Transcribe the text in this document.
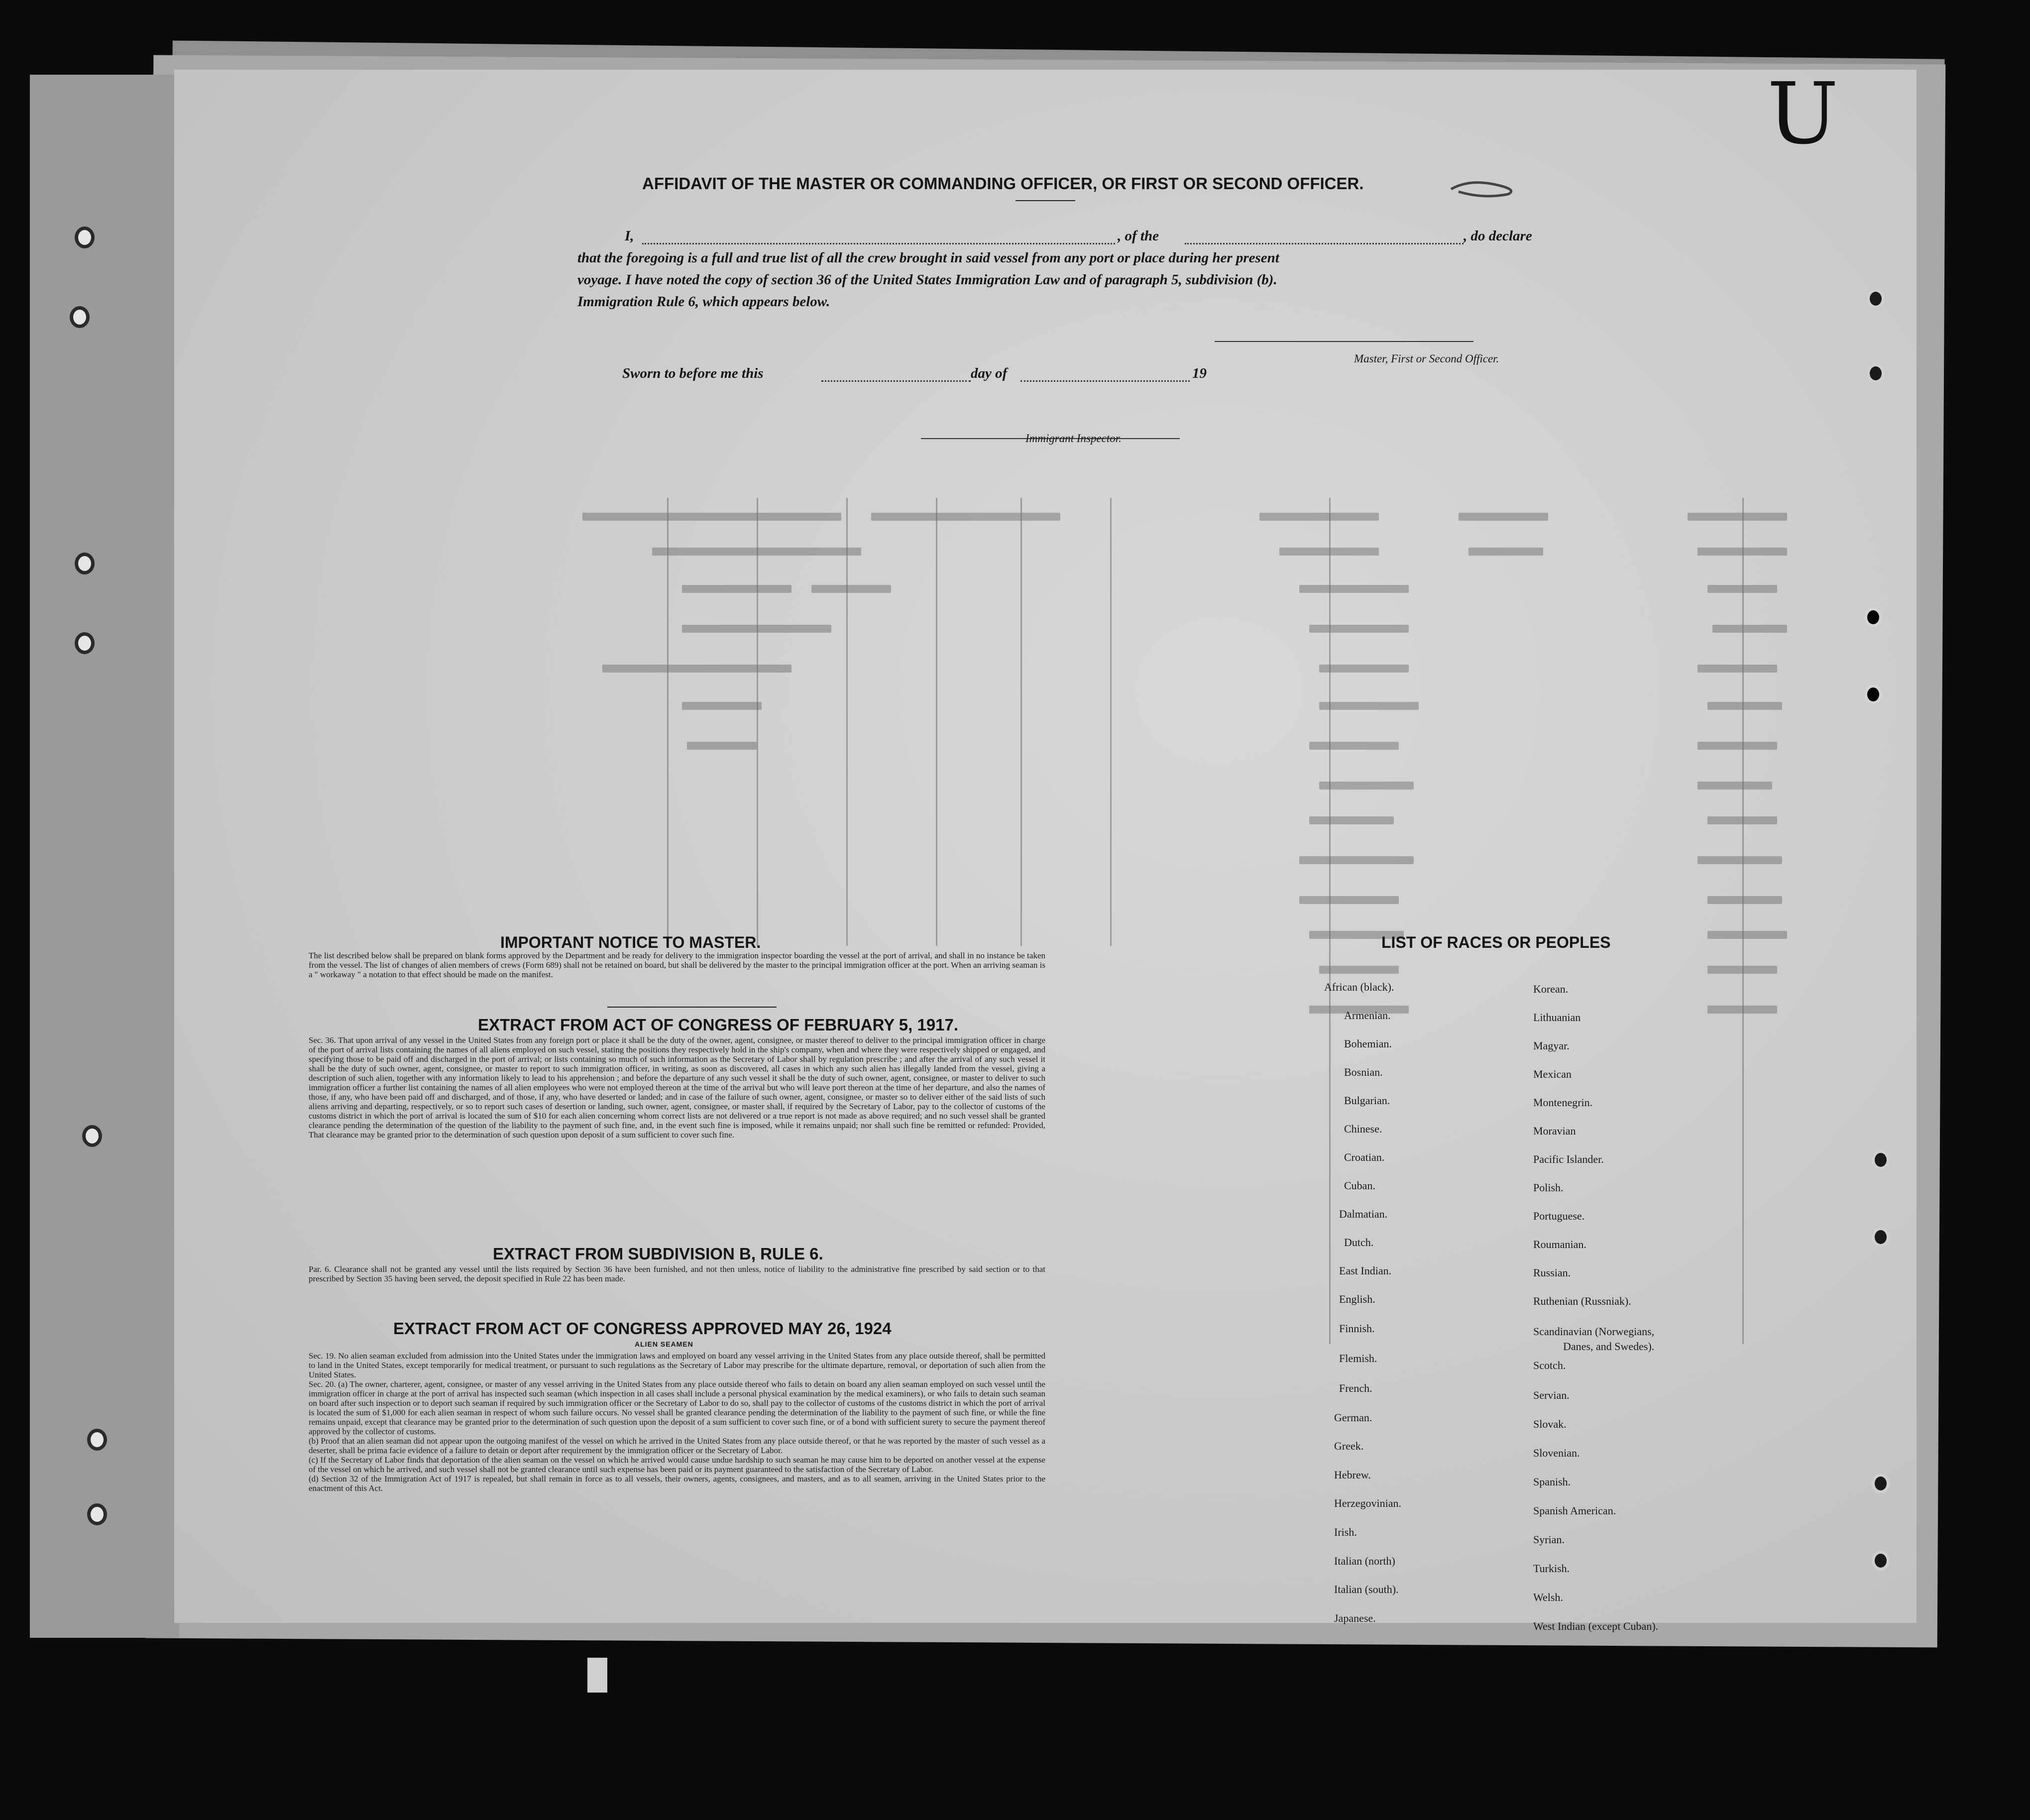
U
AFFIDAVIT OF THE MASTER OR COMMANDING OFFICER, OR FIRST OR SECOND OFFICER.
I,	, of the	, do declare
that the foregoing is a full and true list of all the crew brought in said vessel from any port or place during her present
voyage. I have noted the copy of section 36 of the United States Immigration Law and of paragraph 5, subdivision (b).
Immigration Rule 6, which appears below.
Master, First or Second Officer.
Sworn to before me this	day of	19
Immigrant Inspector.
IMPORTANT NOTICE TO MASTER.

The list described below shall be prepared on blank forms approved by the Department and be ready for delivery to the immigration inspector boarding the vessel at the port of arrival, and shall in no instance be taken from the vessel. The list of changes of alien members of crews (Form 689) shall not be retained on board, but shall be delivered by the master to the principal immigration officer at the port. When an arriving seaman is a " workaway " a notation to that effect should be made on the manifest.

EXTRACT FROM ACT OF CONGRESS OF FEBRUARY 5, 1917.

Sec. 36. That upon arrival of any vessel in the United States from any foreign port or place it shall be the duty of the owner, agent, consignee, or master thereof to deliver to the principal immigration officer in charge of the port of arrival lists containing the names of all aliens employed on such vessel, stating the positions they respectively hold in the ship's company, when and where they were respectively shipped or engaged, and specifying those to be paid off and discharged in the port of arrival; or lists containing so much of such information as the Secretary of Labor shall by regulation prescribe ; and after the arrival of any such vessel it shall be the duty of such owner, agent, consignee, or master to report to such immigration officer, in writing, as soon as discovered, all cases in which any such alien has illegally landed from the vessel, giving a description of such alien, together with any information likely to lead to his apprehension ; and before the departure of any such vessel it shall be the duty of such owner, agent, consignee, or master to deliver to such immigration officer a further list containing the names of all alien employees who were not employed thereon at the time of the arrival but who will leave port thereon at the time of her departure, and also the names of those, if any, who have been paid off and discharged, and of those, if any, who have deserted or landed; and in case of the failure of such owner, agent, consignee, or master so to deliver either of the said lists of such aliens arriving and departing, respectively, or so to report such cases of desertion or landing, such owner, agent, consignee, or master shall, if required by the Secretary of Labor, pay to the collector of customs of the customs district in which the port of arrival is located the sum of $10 for each alien concerning whom correct lists are not delivered or a true report is not made as above required; and no such vessel shall be granted clearance pending the determination of the question of the liability to the payment of such fine, and, in the event such fine is imposed, while it remains unpaid; nor shall such fine be remitted or refunded: Provided, That clearance may be granted prior to the determination of such question upon deposit of a sum sufficient to cover such fine.

EXTRACT FROM SUBDIVISION B, RULE 6.

Par. 6. Clearance shall not be granted any vessel until the lists required by Section 36 have been furnished, and not then unless, notice of liability to the administrative fine prescribed by said section or to that prescribed by Section 35 having been served, the deposit specified in Rule 22 has been made.

EXTRACT FROM ACT OF CONGRESS APPROVED MAY 26, 1924
ALIEN SEAMEN

Sec. 19. No alien seaman excluded from admission into the United States under the immigration laws and employed on board any vessel arriving in the United States from any place outside thereof, shall be permitted to land in the United States, except temporarily for medical treatment, or pursuant to such regulations as the Secretary of Labor may prescribe for the ultimate departure, removal, or deportation of such alien from the United States.

Sec. 20. (a) The owner, charterer, agent, consignee, or master of any vessel arriving in the United States from any place outside thereof who fails to detain on board any alien seaman employed on such vessel until the immigration officer in charge at the port of arrival has inspected such seaman (which inspection in all cases shall include a personal physical examination by the medical examiners), or who fails to detain such seaman on board after such inspection or to deport such seaman if required by such immigration officer or the Secretary of Labor to do so, shall pay to the collector of customs of the customs district in which the port of arrival is located the sum of $1,000 for each alien seaman in respect of whom such failure occurs. No vessel shall be granted clearance pending the determination of the liability to the payment of such fine, or while the fine remains unpaid, except that clearance may be granted prior to the determination of such question upon the deposit of a sum sufficient to cover such fine, or of a bond with sufficient surety to secure the payment thereof approved by the collector of customs.

(b) Proof that an alien seaman did not appear upon the outgoing manifest of the vessel on which he arrived in the United States from any place outside thereof, or that he was reported by the master of such vessel as a deserter, shall be prima facie evidence of a failure to detain or deport after requirement by the immigration officer or the Secretary of Labor.

(c) If the Secretary of Labor finds that deportation of the alien seaman on the vessel on which he arrived would cause undue hardship to such seaman he may cause him to be deported on another vessel at the expense of the vessel on which he arrived, and such vessel shall not be granted clearance until such expense has been paid or its payment guaranteed to the satisfaction of the Secretary of Labor.

(d) Section 32 of the Immigration Act of 1917 is repealed, but shall remain in force as to all vessels, their owners, agents, consignees, and masters, and as to all seamen, arriving in the United States prior to the enactment of this Act.

LIST OF RACES OR PEOPLES
African (black).
Armenian.
Bohemian.
Bosnian.
Bulgarian.
Chinese.
Croatian.
Cuban.
Dalmatian.
Dutch.
East Indian.
English.
Finnish.
Flemish.
French.
German.
Greek.
Hebrew.
Herzegovinian.
Irish.
Italian (north)
Italian (south).
Japanese.
Korean.
Lithuanian
Magyar.
Mexican
Montenegrin.
Moravian
Pacific Islander.
Polish.
Portuguese.
Roumanian.
Russian.
Ruthenian (Russniak).
Scandinavian (Norwegians,
Danes, and Swedes).
Scotch.
Servian.
Slovak.
Slovenian.
Spanish.
Spanish American.
Syrian.
Turkish.
Welsh.
West Indian (except Cuban).
